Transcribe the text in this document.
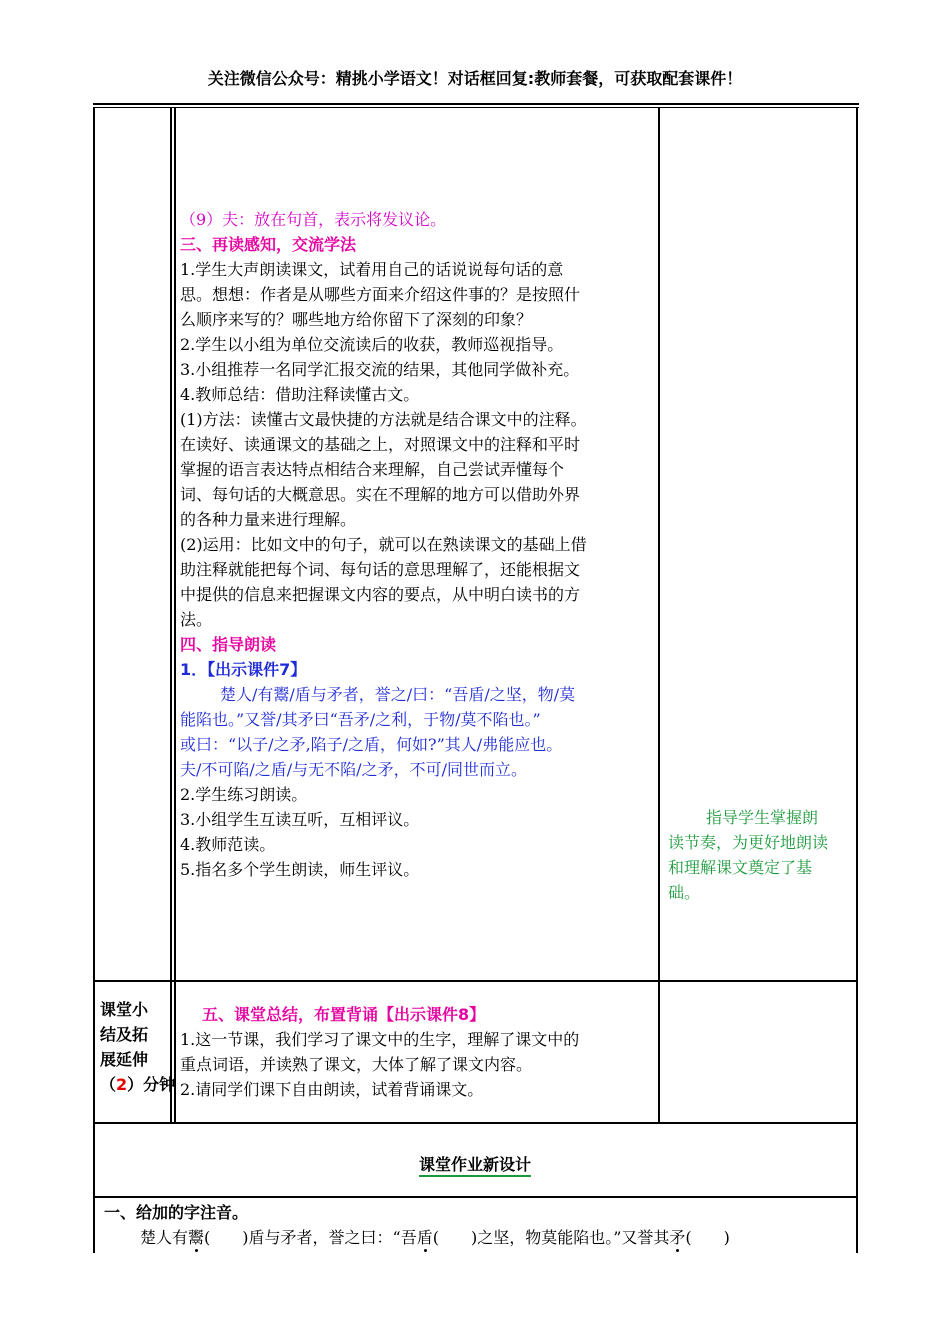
关注微信公众号：精挑小学语文！对话框回复:教师套餐，可获取配套课件！
（9）夫：放在句首，表示将发议论。
三、再读感知，交流学法
1.学生大声朗读课文，试着用自己的话说说每句话的意
思。想想：作者是从哪些方面来介绍这件事的？是按照什
么顺序来写的？哪些地方给你留下了深刻的印象？
2.学生以小组为单位交流读后的收获，教师巡视指导。
3.小组推荐一名同学汇报交流的结果，其他同学做补充。
4.教师总结：借助注释读懂古文。
(1)方法：读懂古文最快捷的方法就是结合课文中的注释。
在读好、读通课文的基础之上，对照课文中的注释和平时
掌握的语言表达特点相结合来理解，自己尝试弄懂每个
词、每句话的大概意思。实在不理解的地方可以借助外界
的各种力量来进行理解。
(2)运用：比如文中的句子，就可以在熟读课文的基础上借
助注释就能把每个词、每句话的意思理解了，还能根据文
中提供的信息来把握课文内容的要点，从中明白读书的方
法。
四、指导朗读
1．【出示课件7】
楚人/有鬻/盾与矛者，誉之/曰：“吾盾/之坚，物/莫
能陷也。”又誉/其矛曰“吾矛/之利，于物/莫不陷也。”
或曰：“以子/之矛,陷子/之盾，何如?”其人/弗能应也。
夫/不可陷/之盾/与无不陷/之矛，不可/同世而立。
2.学生练习朗读。
3.小组学生互读互听，互相评议。
4.教师范读。
5.指名多个学生朗读，师生评议。
指导学生掌握朗
读节奏，为更好地朗读
和理解课文奠定了基
础。
课堂小
结及拓
展延伸
（2）分钟
五、课堂总结，布置背诵【出示课件8】
1.这一节课，我们学习了课文中的生字，理解了课文中的
重点词语，并读熟了课文，大体了解了课文内容。
2.请同学们课下自由朗读，试着背诵课文。
课堂作业新设计
一、给加的字注音。
楚人有鬻(　　)盾与矛者，誉之曰：“吾盾(　　)之坚，物莫能陷也。”又誉其矛(　　)
